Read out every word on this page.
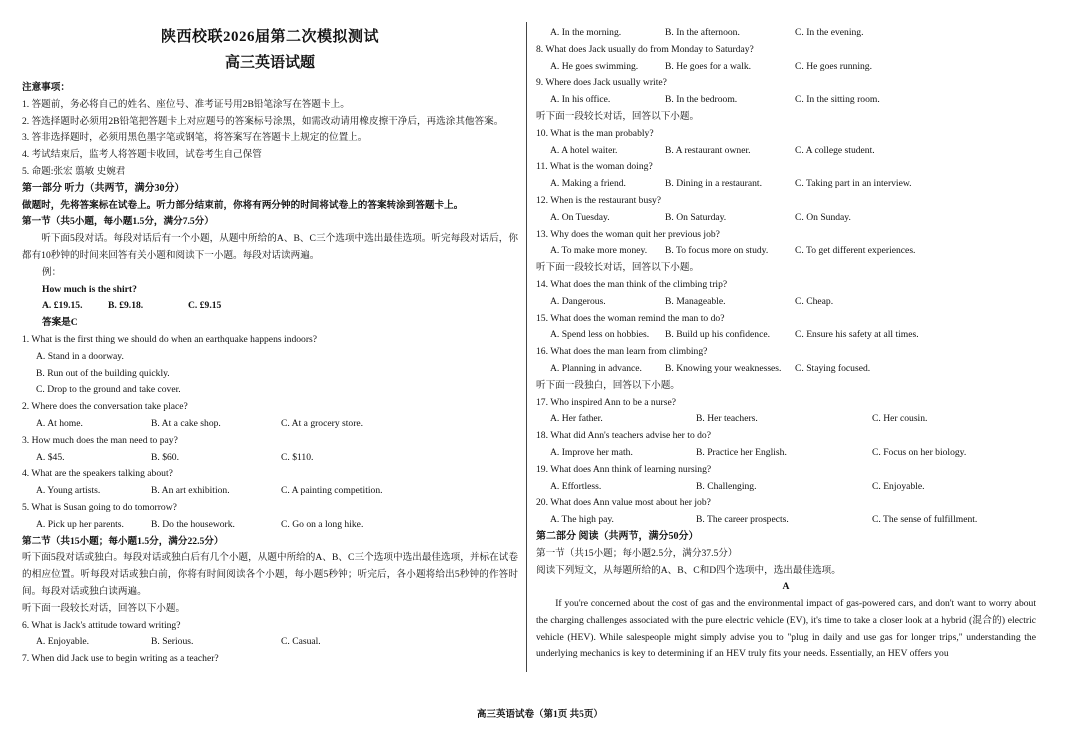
陕西校联2026届第二次模拟测试
高三英语试题
注意事项：
1. 答题前，务必将自己的姓名、座位号、准考证号用2B铅笔涂写在答题卡上。
2. 答选择题时必须用2B铅笔把答题卡上对应题号的答案标号涂黑，如需改动请用橡皮擦干净后，再选涂其他答案。
3. 答非选择题时，必须用黑色墨字笔或钢笔，将答案写在答题卡上规定的位置上。
4. 考试结束后，监考人将答题卡收回，试卷考生自己保管
5. 命题:张宏 翦敏 史婉君
第一部分 听力（共两节，满分30分）
做题时，先将答案标在试卷上。听力部分结束前，你将有两分钟的时间将试卷上的答案转涂到答题卡上。
第一节（共5小题，每小题1.5分，满分7.5分）
听下面5段对话。每段对话后有一个小题，从题中所给的A、B、C三个选项中选出最佳选项。听完每段对话后，你都有10秒钟的时间来回答有关小题和阅读下一小题。每段对话读两遍。
例：
How much is the shirt?
A. £19.15.	B. £9.18.	C. £9.15
答案是C
1. What is the first thing we should do when an earthquake happens indoors?
A. Stand in a doorway.
B. Run out of the building quickly.
C. Drop to the ground and take cover.
2. Where does the conversation take place?
A. At home.	B. At a cake shop.	C. At a grocery store.
3. How much does the man need to pay?
A. $45.	B. $60.	C. $110.
4. What are the speakers talking about?
A. Young artists.	B. An art exhibition.	C. A painting competition.
5. What is Susan going to do tomorrow?
A. Pick up her parents.	B. Do the housework.	C. Go on a long hike.
第二节（共15小题；每小题1.5分，满分22.5分）
听下面5段对话或独白。每段对话或独白后有几个小题，从题中所给的A、B、C三个选项中选出最佳选项，并标在试卷的相应位置。听每段对话或独白前，你将有时间阅读各个小题，每小题5秒钟；听完后，各小题将给出5秒钟的作答时间。每段对话或独白读两遍。
听下面一段较长对话，回答以下小题。
6. What is Jack's attitude toward writing?
A. Enjoyable.	B. Serious.	C. Casual.
7. When did Jack use to begin writing as a teacher?
A. In the morning.	B. In the afternoon.	C. In the evening.
8. What does Jack usually do from Monday to Saturday?
A. He goes swimming.	B. He goes for a walk.	C. He goes running.
9. Where does Jack usually write?
A. In his office.	B. In the bedroom.	C. In the sitting room.
听下面一段较长对话，回答以下小题。
10. What is the man probably?
A. A hotel waiter.	B. A restaurant owner.	C. A college student.
11. What is the woman doing?
A. Making a friend.	B. Dining in a restaurant.	C. Taking part in an interview.
12. When is the restaurant busy?
A. On Tuesday.	B. On Saturday.	C. On Sunday.
13. Why does the woman quit her previous job?
A. To make more money.	B. To focus more on study.	C. To get different experiences.
听下面一段较长对话，回答以下小题。
14. What does the man think of the climbing trip?
A. Dangerous.	B. Manageable.	C. Cheap.
15. What does the woman remind the man to do?
A. Spend less on hobbies.	B. Build up his confidence.	C. Ensure his safety at all times.
16. What does the man learn from climbing?
A. Planning in advance.	B. Knowing your weaknesses.	C. Staying focused.
听下面一段独白，回答以下小题。
17. Who inspired Ann to be a nurse?
A. Her father.	B. Her teachers.	C. Her cousin.
18. What did Ann's teachers advise her to do?
A. Improve her math.	B. Practice her English.	C. Focus on her biology.
19. What does Ann think of learning nursing?
A. Effortless.	B. Challenging.	C. Enjoyable.
20. What does Ann value most about her job?
A. The high pay.	B. The career prospects.	C. The sense of fulfillment.
第二部分 阅读（共两节，满分50分）
第一节（共15小题；每小题2.5分，满分37.5分）
阅读下列短文，从每题所给的A、B、C和D四个选项中，选出最佳选项。
A
If you're concerned about the cost of gas and the environmental impact of gas-powered cars, and don't want to worry about the charging challenges associated with the pure electric vehicle (EV), it's time to take a closer look at a hybrid (混合的) electric vehicle (HEV). While salespeople might simply advise you to "plug in daily and use gas for longer trips," understanding the underlying mechanics is key to determining if an HEV truly fits your needs. Essentially, an HEV offers you
高三英语试卷（第1页 共5页）
